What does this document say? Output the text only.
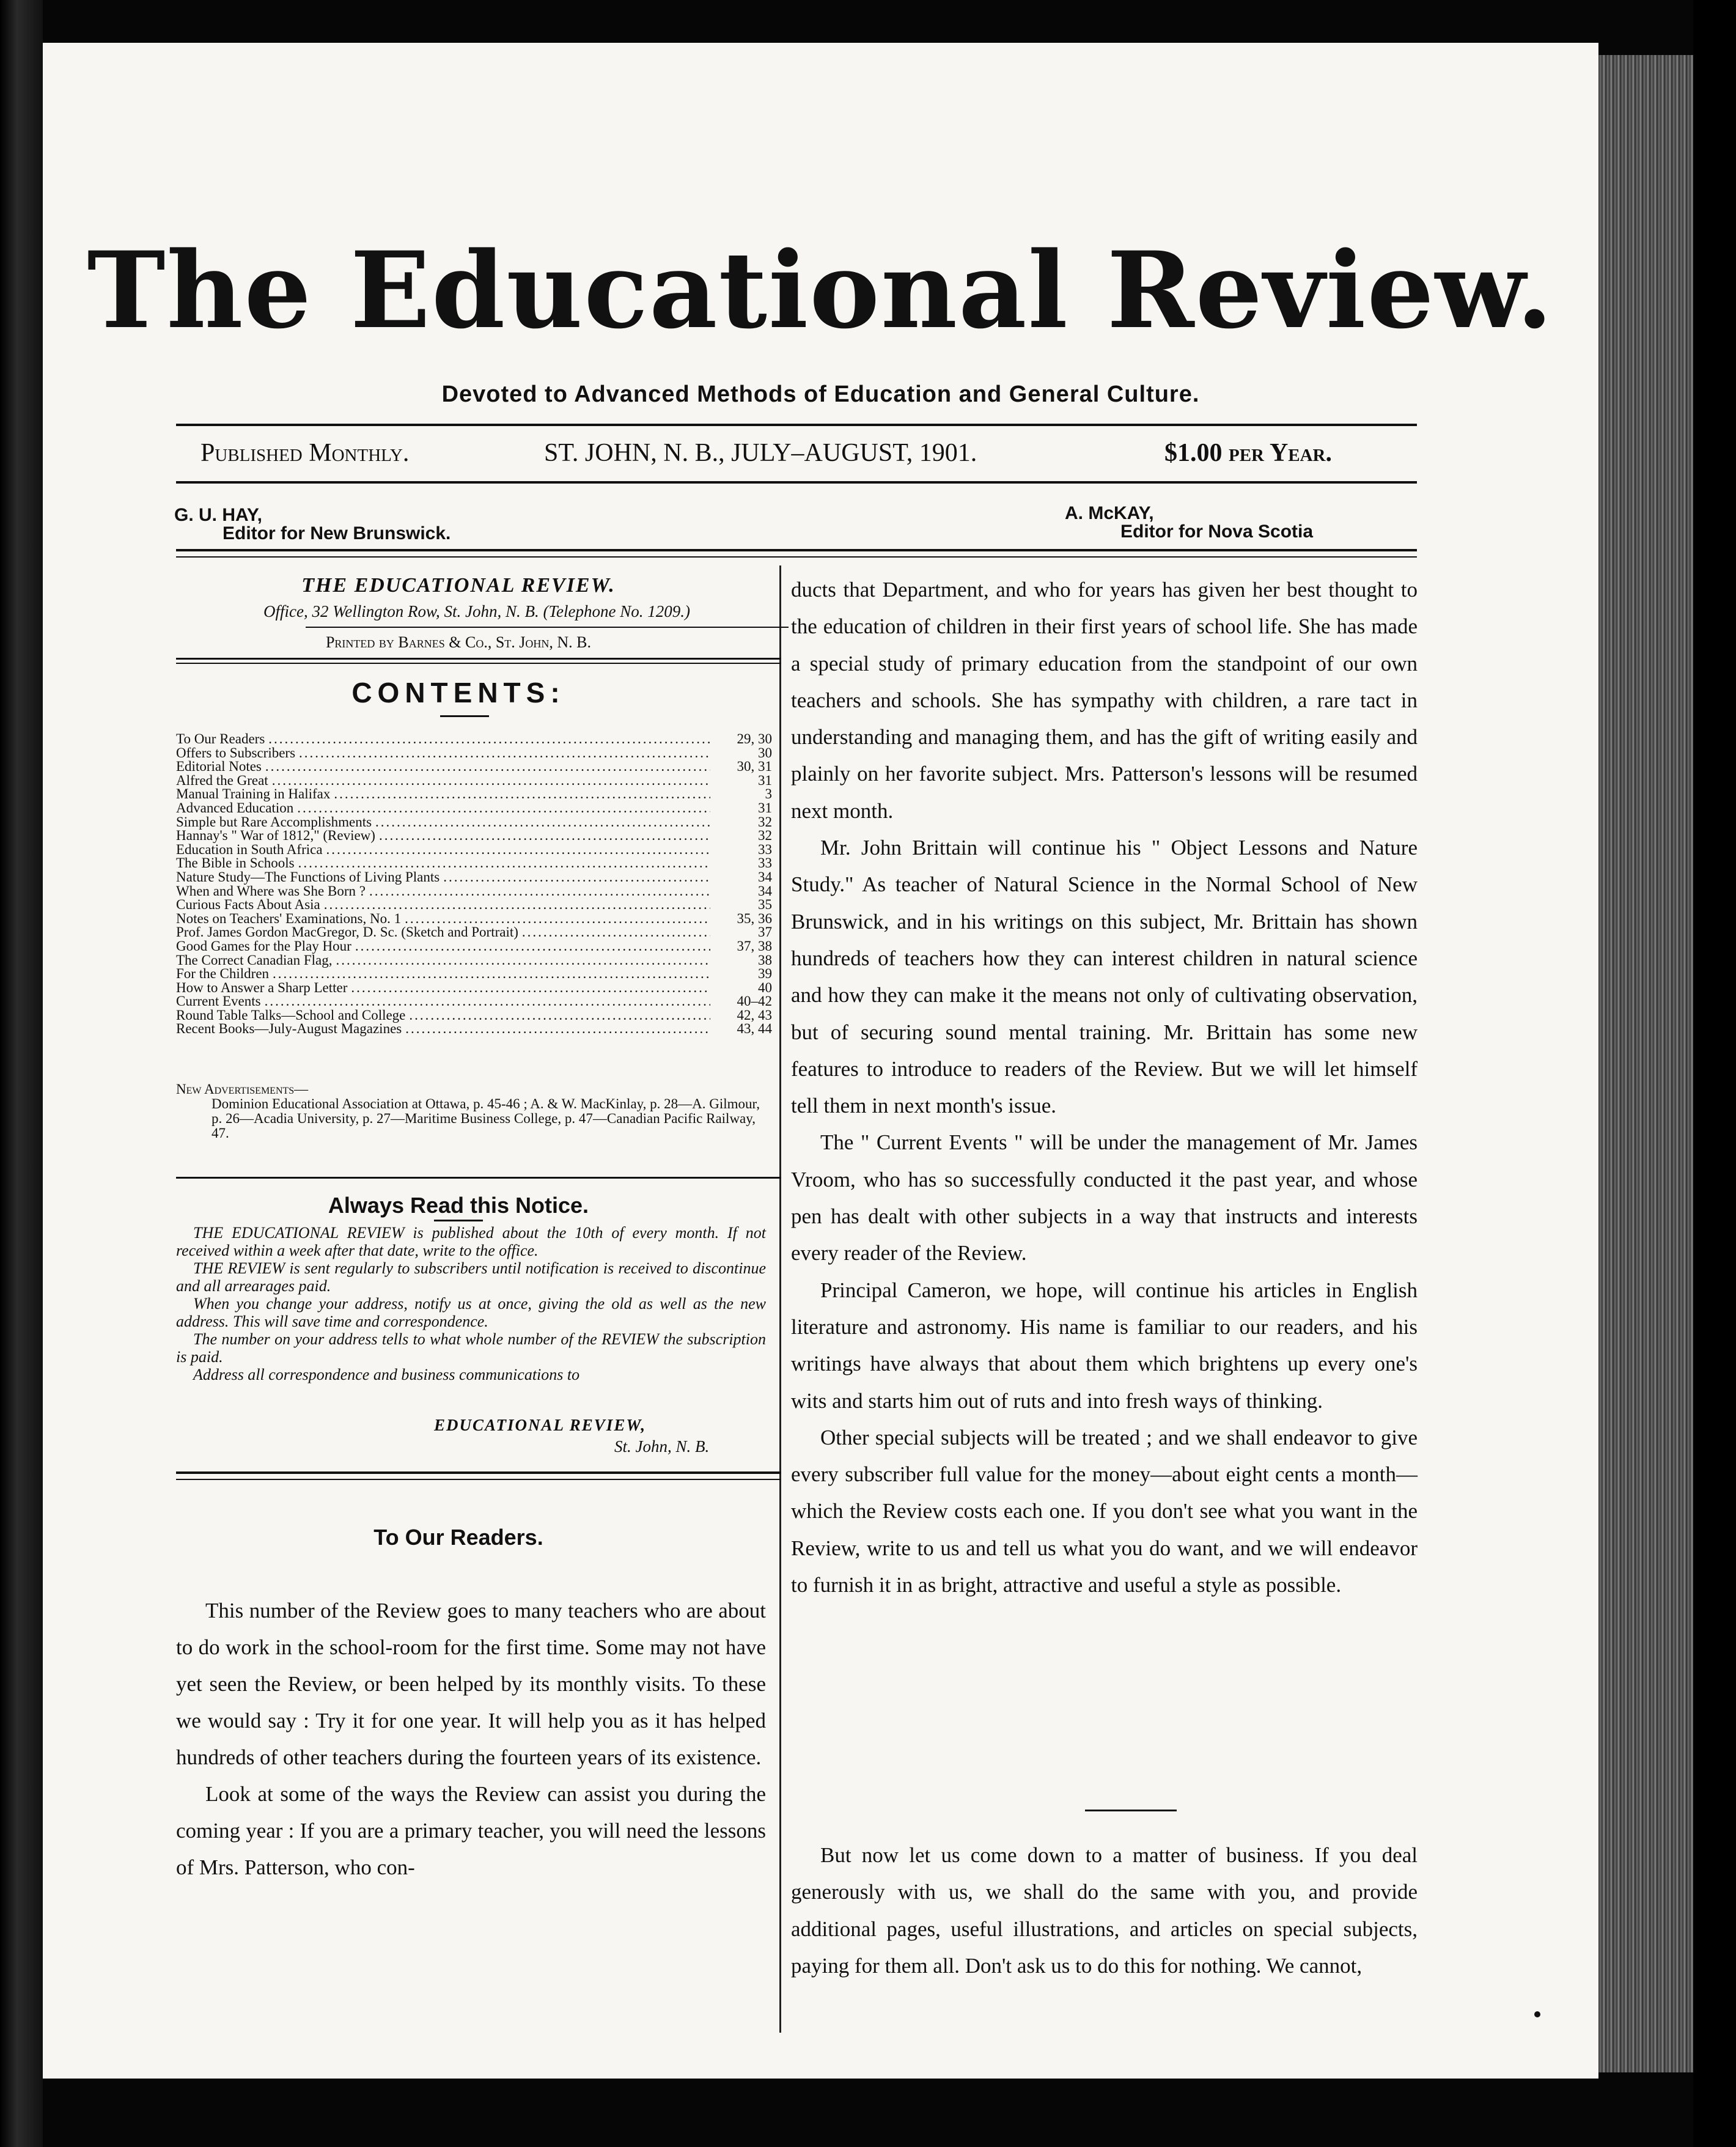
The Educational Review.
Devoted to Advanced Methods of Education and General Culture.
Published Monthly.	ST. JOHN, N. B., JULY–AUGUST, 1901.	$1.00 per Year.
G. U. HAY,
Editor for New Brunswick.
A. McKAY,
Editor for Nova Scotia
THE EDUCATIONAL REVIEW.
Office, 32 Wellington Row, St. John, N. B. (Telephone No. 1209.)
Printed by Barnes & Co., St. John, N. B.
CONTENTS:
To Our Readers .....	29, 30
Offers to Subscribers .....	30
Editorial Notes .....	30, 31
Alfred the Great .....	31
Manual Training in Halifax .....	3
Advanced Education .....	31
Simple but Rare Accomplishments .....	32
Hannay's " War of 1812," (Review) .....	32
Education in South Africa .....	33
The Bible in Schools .....	33
Nature Study—The Functions of Living Plants .....	34
When and Where was She Born ? .....	34
Curious Facts About Asia .....	35
Notes on Teachers' Examinations, No. 1 .....	35, 36
Prof. James Gordon MacGregor, D. Sc. (Sketch and Portrait) .....	37
Good Games for the Play Hour .....	37, 38
The Correct Canadian Flag, .....	38
For the Children .....	39
How to Answer a Sharp Letter .....	40
Current Events .....	40–42
Round Table Talks—School and College .....	42, 43
Recent Books—July-August Magazines .....	43, 44
New Advertisements—
Dominion Educational Association at Ottawa, p. 45-46 ; A. & W. MacKinlay, p. 28—A. Gilmour, p. 26—Acadia University, p. 27—Maritime Business College, p. 47—Canadian Pacific Railway, 47.
Always Read this Notice.

THE EDUCATIONAL REVIEW is published about the 10th of every month. If not received within a week after that date, write to the office.

THE REVIEW is sent regularly to subscribers until notification is received to discontinue and all arrearages paid.

When you change your address, notify us at once, giving the old as well as the new address. This will save time and correspondence.

The number on your address tells to what whole number of the REVIEW the subscription is paid.

Address all correspondence and business communications to

EDUCATIONAL REVIEW,
St. John, N. B.
To Our Readers.

This number of the Review goes to many teachers who are about to do work in the school-room for the first time. Some may not have yet seen the Review, or been helped by its monthly visits. To these we would say : Try it for one year. It will help you as it has helped hundreds of other teachers during the fourteen years of its existence.

Look at some of the ways the Review can assist you during the coming year : If you are a primary teacher, you will need the lessons of Mrs. Patterson, who con-

ducts that Department, and who for years has given her best thought to the education of children in their first years of school life. She has made a special study of primary education from the standpoint of our own teachers and schools. She has sympathy with children, a rare tact in understanding and managing them, and has the gift of writing easily and plainly on her favorite subject. Mrs. Patterson's lessons will be resumed next month.

Mr. John Brittain will continue his " Object Lessons and Nature Study." As teacher of Natural Science in the Normal School of New Brunswick, and in his writings on this subject, Mr. Brittain has shown hundreds of teachers how they can interest children in natural science and how they can make it the means not only of cultivating observation, but of securing sound mental training. Mr. Brittain has some new features to introduce to readers of the Review. But we will let himself tell them in next month's issue.

The " Current Events " will be under the management of Mr. James Vroom, who has so successfully conducted it the past year, and whose pen has dealt with other subjects in a way that instructs and interests every reader of the Review.

Principal Cameron, we hope, will continue his articles in English literature and astronomy. His name is familiar to our readers, and his writings have always that about them which brightens up every one's wits and starts him out of ruts and into fresh ways of thinking.

Other special subjects will be treated ; and we shall endeavor to give every subscriber full value for the money—about eight cents a month—which the Review costs each one. If you don't see what you want in the Review, write to us and tell us what you do want, and we will endeavor to furnish it in as bright, attractive and useful a style as possible.

But now let us come down to a matter of business. If you deal generously with us, we shall do the same with you, and provide additional pages, useful illustrations, and articles on special subjects, paying for them all. Don't ask us to do this for nothing. We cannot,
